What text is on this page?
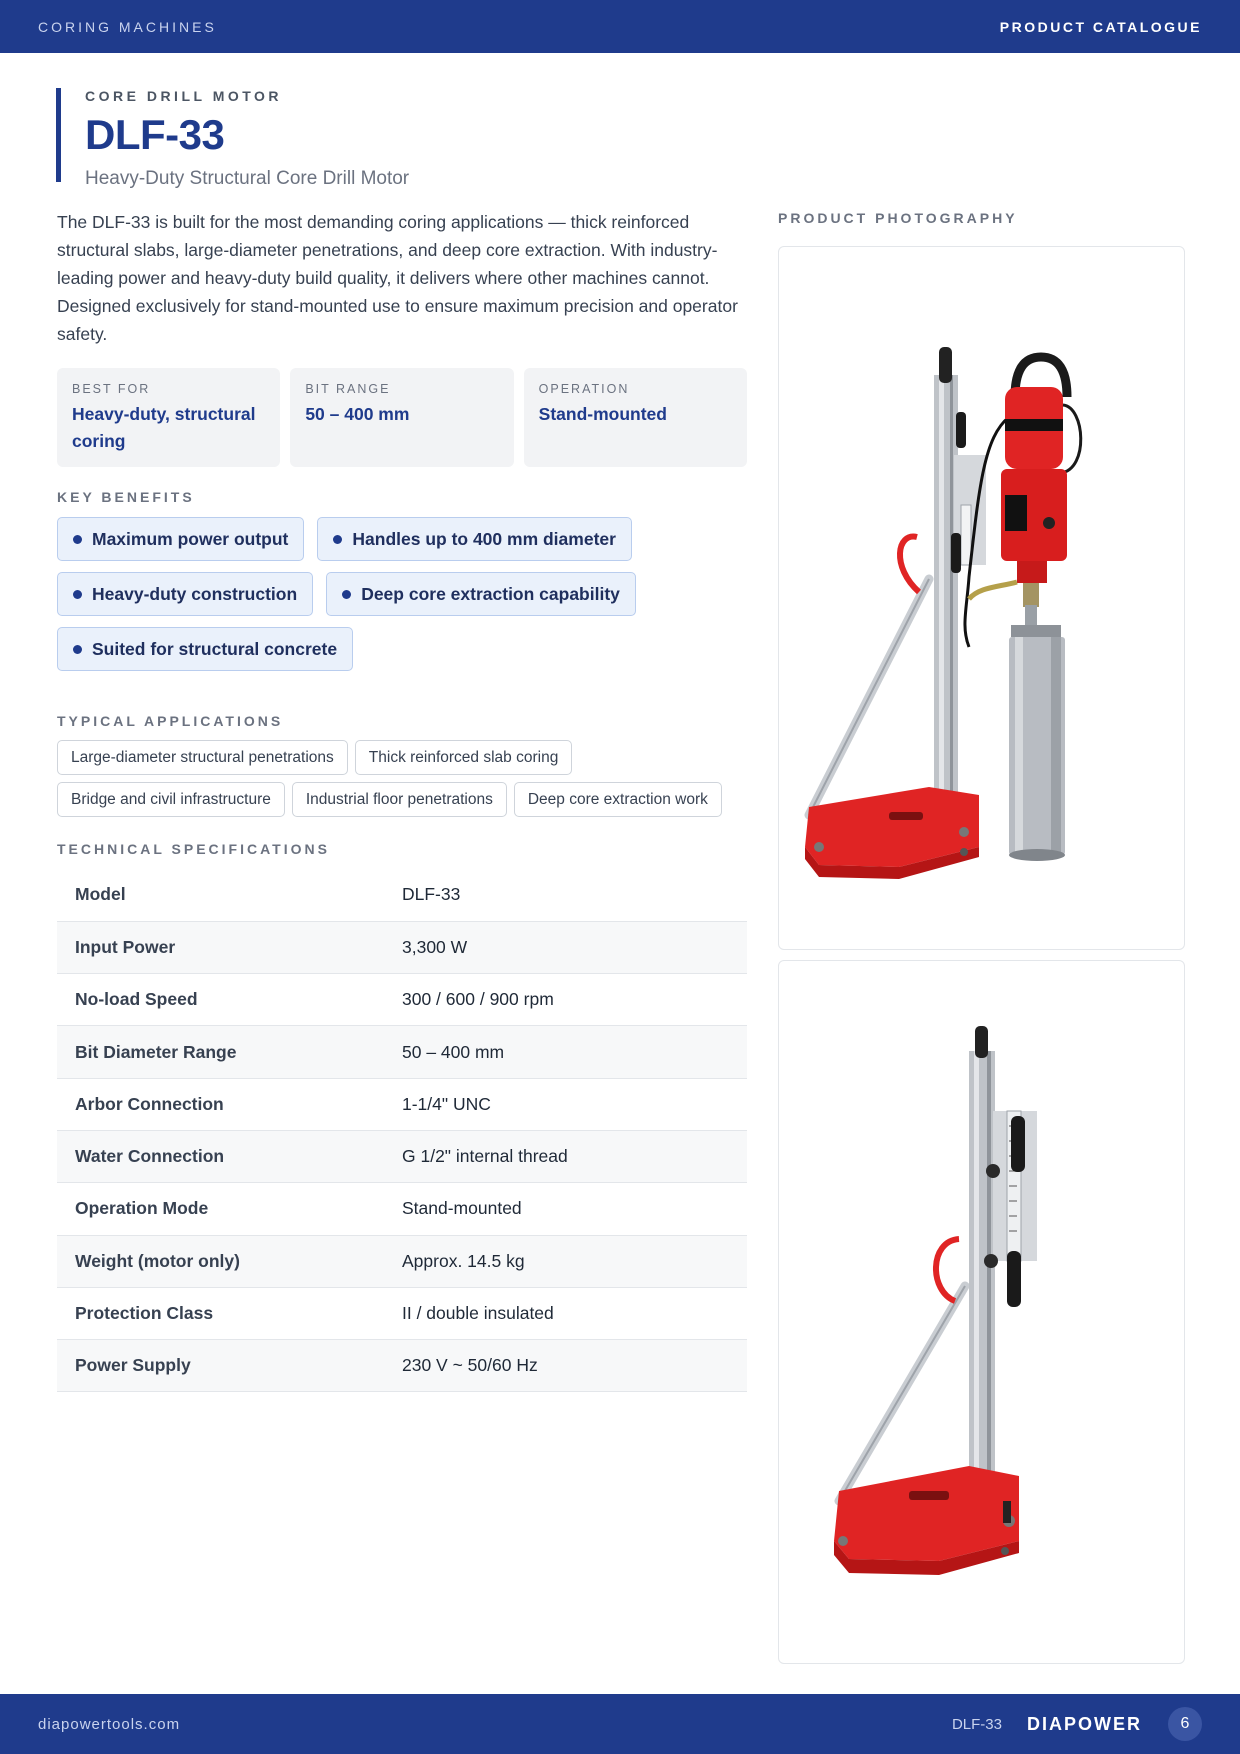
CORING MACHINES	PRODUCT CATALOGUE
CORE DRILL MOTOR
DLF-33
Heavy-Duty Structural Core Drill Motor

The DLF-33 is built for the most demanding coring applications — thick reinforced structural slabs, large-diameter penetrations, and deep core extraction. With industry-leading power and heavy-duty build quality, it delivers where other machines cannot. Designed exclusively for stand-mounted use to ensure maximum precision and operator safety.

BEST FOR
Heavy-duty, structural coring
BIT RANGE
50 – 400 mm
OPERATION
Stand-mounted
KEY BENEFITS
Maximum power output	Handles up to 400 mm diameter
Heavy-duty construction	Deep core extraction capability
Suited for structural concrete
TYPICAL APPLICATIONS
Large-diameter structural penetrations	Thick reinforced slab coring
Bridge and civil infrastructure	Industrial floor penetrations	Deep core extraction work
TECHNICAL SPECIFICATIONS
Model	DLF-33
Input Power	3,300 W
No-load Speed	300 / 600 / 900 rpm
Bit Diameter Range	50 – 400 mm
Arbor Connection	1-1/4" UNC
Water Connection	G 1/2" internal thread
Operation Mode	Stand-mounted
Weight (motor only)	Approx. 14.5 kg
Protection Class	II / double insulated
Power Supply	230 V ~ 50/60 Hz
PRODUCT PHOTOGRAPHY
diapowertools.com	DLF-33 DIAPOWER	6
